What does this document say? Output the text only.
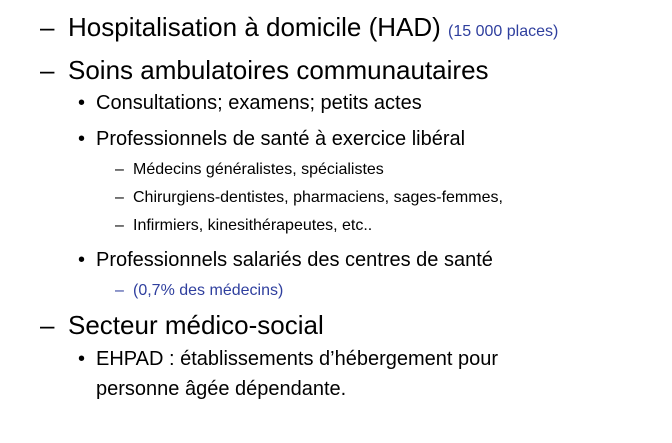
– Hospitalisation à domicile (HAD) (15 000 places)
– Soins ambulatoires communautaires
• Consultations; examens; petits actes
• Professionnels de santé à exercice libéral
– Médecins généralistes, spécialistes
– Chirurgiens-dentistes, pharmaciens, sages-femmes,
– Infirmiers, kinesithérapeutes, etc..
• Professionnels salariés des centres de santé
– (0,7% des médecins)
– Secteur médico-social
• EHPAD : établissements d’hébergement pour
personne âgée dépendante.
